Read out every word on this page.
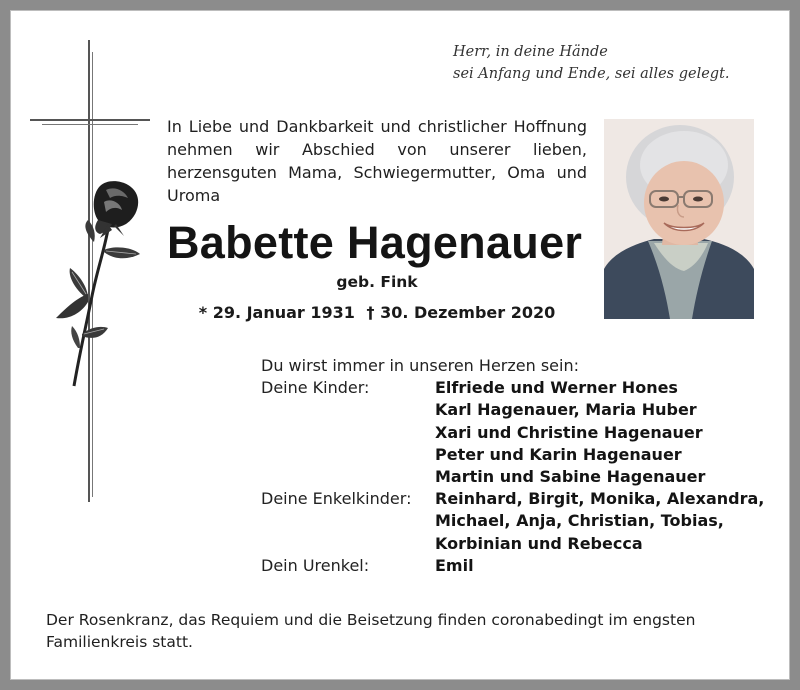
Herr, in deine Hände
sei Anfang und Ende, sei alles gelegt.
In Liebe und Dankbarkeit und christlicher Hoffnung nehmen wir Abschied von unserer lieben, herzensguten Mama, Schwiegermutter, Oma und Uroma
Babette Hagenauer
geb. Fink
* 29. Januar 1931 † 30. Dezember 2020
Du wirst immer in unseren Herzen sein:
Deine Kinder:	Elfriede und Werner Hones
Karl Hagenauer, Maria Huber
Xari und Christine Hagenauer
Peter und Karin Hagenauer
Martin und Sabine Hagenauer
Deine Enkelkinder:	Reinhard, Birgit, Monika, Alexandra,
Michael, Anja, Christian, Tobias,
Korbinian und Rebecca
Dein Urenkel:	Emil
Der Rosenkranz, das Requiem und die Beisetzung finden coronabedingt im engsten Familienkreis statt.
